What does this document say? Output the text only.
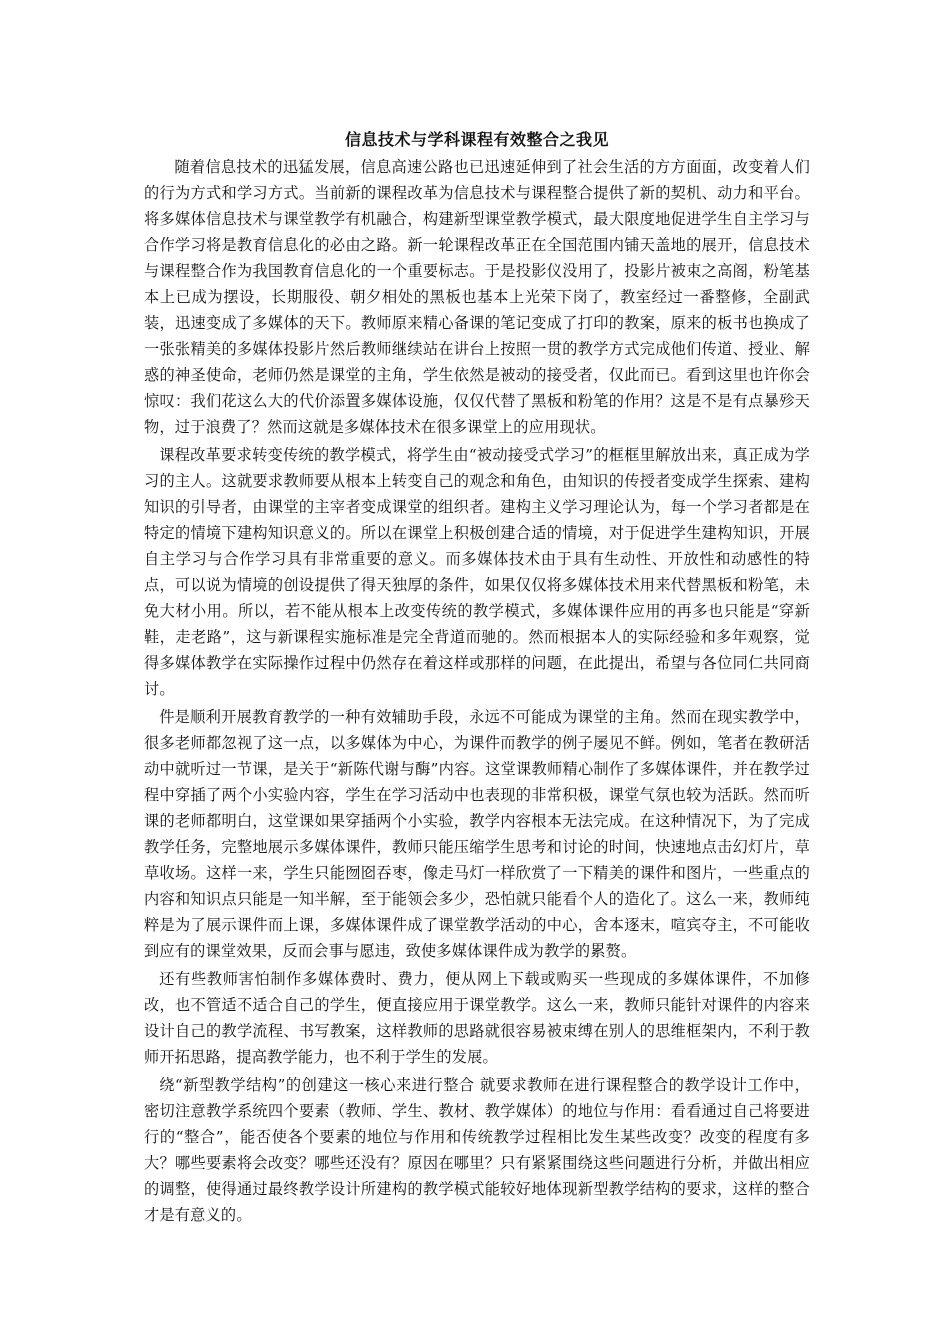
信息技术与学科课程有效整合之我见

随着信息技术的迅猛发展，信息高速公路也已迅速延伸到了社会生活的方方面面，改变着人们的行为方式和学习方式。当前新的课程改革为信息技术与课程整合提供了新的契机、动力和平台。将多媒体信息技术与课堂教学有机融合，构建新型课堂教学模式，最大限度地促进学生自主学习与合作学习将是教育信息化的必由之路。新一轮课程改革正在全国范围内铺天盖地的展开，信息技术与课程整合作为我国教育信息化的一个重要标志。于是投影仪没用了，投影片被束之高阁，粉笔基本上已成为摆设，长期服役、朝夕相处的黑板也基本上光荣下岗了，教室经过一番整修，全副武装，迅速变成了多媒体的天下。教师原来精心备课的笔记变成了打印的教案，原来的板书也换成了一张张精美的多媒体投影片然后教师继续站在讲台上按照一贯的教学方式完成他们传道、授业、解惑的神圣使命，老师仍然是课堂的主角，学生依然是被动的接受者，仅此而已。看到这里也许你会惊叹：我们花这么大的代价添置多媒体设施，仅仅代替了黑板和粉笔的作用？这是不是有点暴殄天物，过于浪费了？然而这就是多媒体技术在很多课堂上的应用现状。

课程改革要求转变传统的教学模式，将学生由“被动接受式学习”的框框里解放出来，真正成为学习的主人。这就要求教师要从根本上转变自己的观念和角色，由知识的传授者变成学生探索、建构知识的引导者，由课堂的主宰者变成课堂的组织者。建构主义学习理论认为，每一个学习者都是在特定的情境下建构知识意义的。所以在课堂上积极创建合适的情境，对于促进学生建构知识，开展自主学习与合作学习具有非常重要的意义。而多媒体技术由于具有生动性、开放性和动感性的特点，可以说为情境的创设提供了得天独厚的条件，如果仅仅将多媒体技术用来代替黑板和粉笔，未免大材小用。所以，若不能从根本上改变传统的教学模式，多媒体课件应用的再多也只能是“穿新鞋，走老路”，这与新课程实施标准是完全背道而驰的。然而根据本人的实际经验和多年观察，觉得多媒体教学在实际操作过程中仍然存在着这样或那样的问题，在此提出，希望与各位同仁共同商讨。

件是顺利开展教育教学的一种有效辅助手段，永远不可能成为课堂的主角。然而在现实教学中，很多老师都忽视了这一点，以多媒体为中心，为课件而教学的例子屡见不鲜。例如，笔者在教研活动中就听过一节课，是关于“新陈代谢与酶”内容。这堂课教师精心制作了多媒体课件，并在教学过程中穿插了两个小实验内容，学生在学习活动中也表现的非常积极，课堂气氛也较为活跃。然而听课的老师都明白，这堂课如果穿插两个小实验，教学内容根本无法完成。在这种情况下，为了完成教学任务，完整地展示多媒体课件，教师只能压缩学生思考和讨论的时间，快速地点击幻灯片，草草收场。这样一来，学生只能囫囵吞枣，像走马灯一样欣赏了一下精美的课件和图片，一些重点的内容和知识点只能是一知半解，至于能领会多少，恐怕就只能看个人的造化了。这么一来，教师纯粹是为了展示课件而上课，多媒体课件成了课堂教学活动的中心，舍本逐末，喧宾夺主，不可能收到应有的课堂效果，反而会事与愿违，致使多媒体课件成为教学的累赘。

还有些教师害怕制作多媒体费时、费力，便从网上下载或购买一些现成的多媒体课件，不加修改，也不管适不适合自己的学生，便直接应用于课堂教学。这么一来，教师只能针对课件的内容来设计自己的教学流程、书写教案，这样教师的思路就很容易被束缚在别人的思维框架内，不利于教师开拓思路，提高教学能力，也不利于学生的发展。

绕“新型教学结构”的创建这一核心来进行整合 就要求教师在进行课程整合的教学设计工作中，密切注意教学系统四个要素（教师、学生、教材、教学媒体）的地位与作用：看看通过自己将要进行的“整合”，能否使各个要素的地位与作用和传统教学过程相比发生某些改变？改变的程度有多大？哪些要素将会改变？哪些还没有？原因在哪里？只有紧紧围绕这些问题进行分析，并做出相应的调整，使得通过最终教学设计所建构的教学模式能较好地体现新型教学结构的要求，这样的整合才是有意义的。
